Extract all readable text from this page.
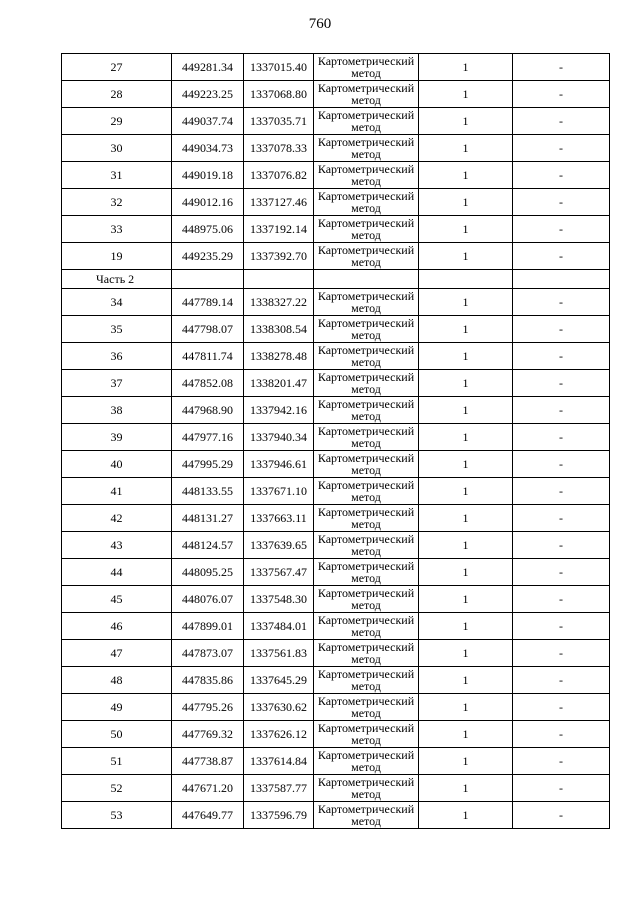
760
27	449281.34	1337015.40	Картометрический метод	1	-
28	449223.25	1337068.80	Картометрический метод	1	-
29	449037.74	1337035.71	Картометрический метод	1	-
30	449034.73	1337078.33	Картометрический метод	1	-
31	449019.18	1337076.82	Картометрический метод	1	-
32	449012.16	1337127.46	Картометрический метод	1	-
33	448975.06	1337192.14	Картометрический метод	1	-
19	449235.29	1337392.70	Картометрический метод	1	-
Часть 2					
34	447789.14	1338327.22	Картометрический метод	1	-
35	447798.07	1338308.54	Картометрический метод	1	-
36	447811.74	1338278.48	Картометрический метод	1	-
37	447852.08	1338201.47	Картометрический метод	1	-
38	447968.90	1337942.16	Картометрический метод	1	-
39	447977.16	1337940.34	Картометрический метод	1	-
40	447995.29	1337946.61	Картометрический метод	1	-
41	448133.55	1337671.10	Картометрический метод	1	-
42	448131.27	1337663.11	Картометрический метод	1	-
43	448124.57	1337639.65	Картометрический метод	1	-
44	448095.25	1337567.47	Картометрический метод	1	-
45	448076.07	1337548.30	Картометрический метод	1	-
46	447899.01	1337484.01	Картометрический метод	1	-
47	447873.07	1337561.83	Картометрический метод	1	-
48	447835.86	1337645.29	Картометрический метод	1	-
49	447795.26	1337630.62	Картометрический метод	1	-
50	447769.32	1337626.12	Картометрический метод	1	-
51	447738.87	1337614.84	Картометрический метод	1	-
52	447671.20	1337587.77	Картометрический метод	1	-
53	447649.77	1337596.79	Картометрический метод	1	-
